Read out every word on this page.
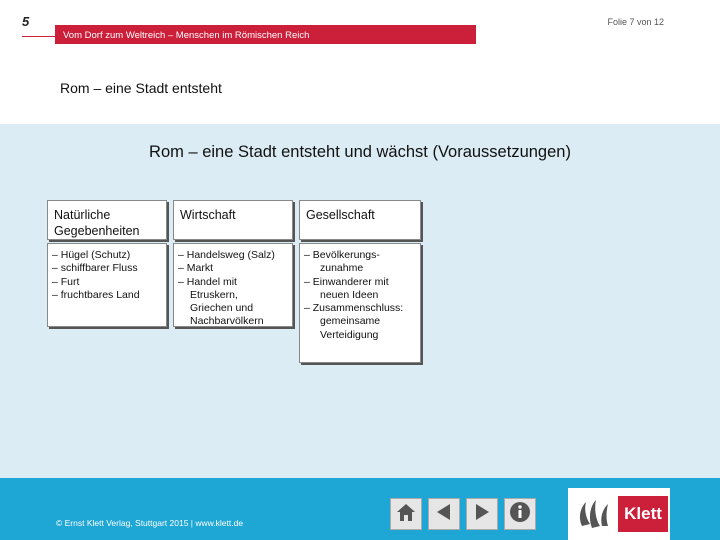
5	Folie 7 von 12
Vom Dorf zum Weltreich – Menschen im Römischen Reich
Rom – eine Stadt entsteht
Rom – eine Stadt entsteht und wächst (Voraussetzungen)
Natürliche
Gegebenheiten
– Hügel (Schutz)
– schiffbarer Fluss
– Furt
– fruchtbares Land
Wirtschaft
– Handelsweg (Salz)
– Markt
– Handel mit
Etruskern,
Griechen und
Nachbarvölkern
Gesellschaft
– Bevölkerungs-
zunahme
– Einwanderer mit
neuen Ideen
– Zusammenschluss:
gemeinsame
Verteidigung
© Ernst Klett Verlag, Stuttgart 2015 | www.klett.de	Klett
